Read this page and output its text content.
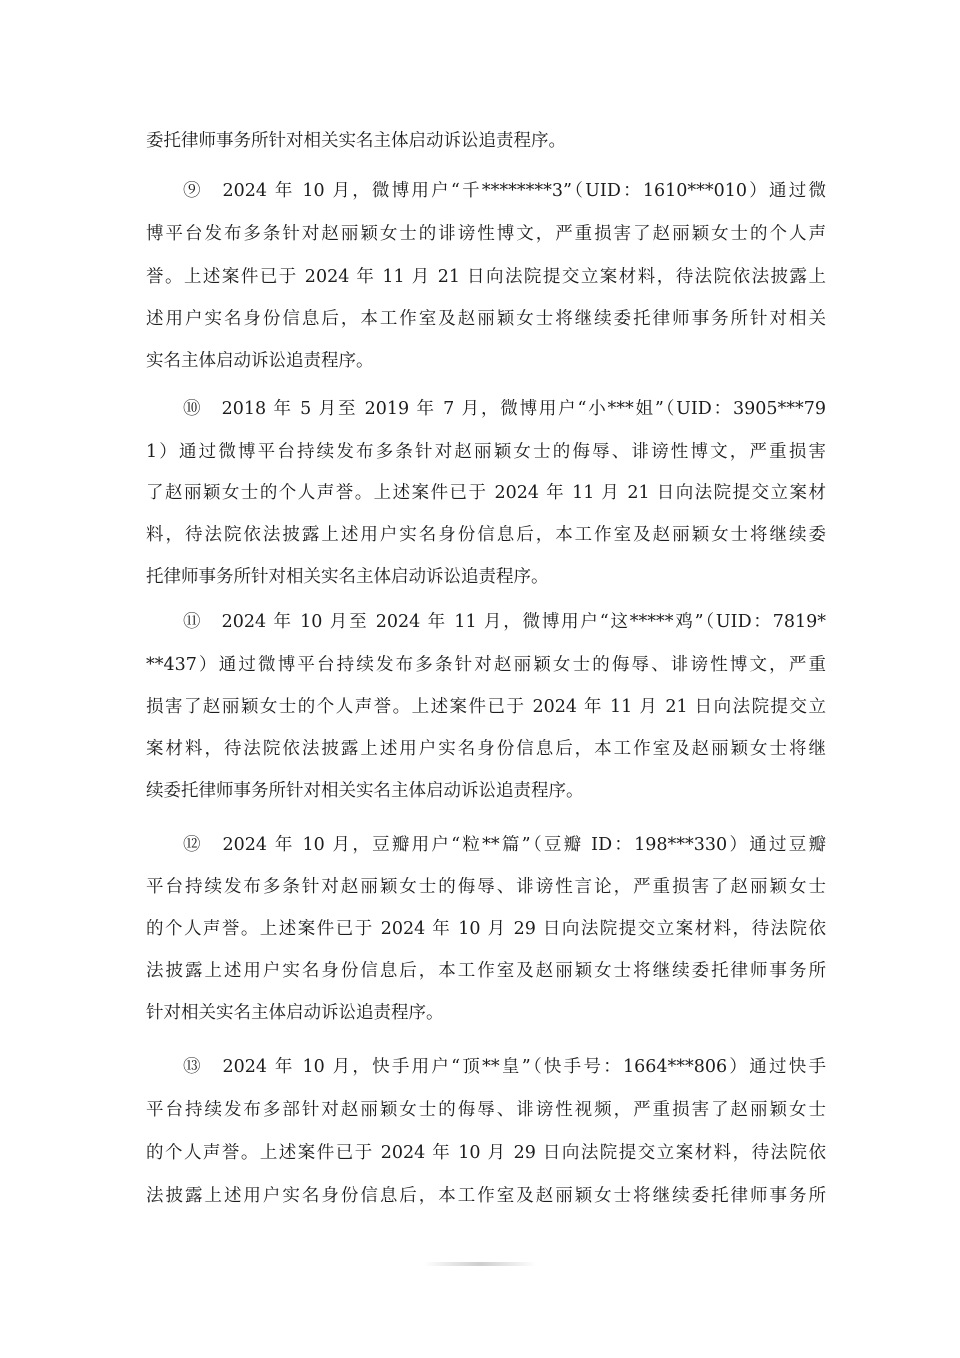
委托律师事务所针对相关实名主体启动诉讼追责程序。
⑨　2024 年 10 月，微博用户“千********3”（UID：1610***010）通过微
博平台发布多条针对赵丽颖女士的诽谤性博文，严重损害了赵丽颖女士的个人声
誉。上述案件已于 2024 年 11 月 21 日向法院提交立案材料，待法院依法披露上
述用户实名身份信息后，本工作室及赵丽颖女士将继续委托律师事务所针对相关
实名主体启动诉讼追责程序。
⑩　2018 年 5 月至 2019 年 7 月，微博用户“小***姐”（UID：3905***79
1）通过微博平台持续发布多条针对赵丽颖女士的侮辱、诽谤性博文，严重损害
了赵丽颖女士的个人声誉。上述案件已于 2024 年 11 月 21 日向法院提交立案材
料，待法院依法披露上述用户实名身份信息后，本工作室及赵丽颖女士将继续委
托律师事务所针对相关实名主体启动诉讼追责程序。
⑪　2024 年 10 月至 2024 年 11 月，微博用户“这*****鸡”（UID：7819*
**437）通过微博平台持续发布多条针对赵丽颖女士的侮辱、诽谤性博文，严重
损害了赵丽颖女士的个人声誉。上述案件已于 2024 年 11 月 21 日向法院提交立
案材料，待法院依法披露上述用户实名身份信息后，本工作室及赵丽颖女士将继
续委托律师事务所针对相关实名主体启动诉讼追责程序。
⑫　2024 年 10 月，豆瓣用户“粒**篇”（豆瓣 ID：198***330）通过豆瓣
平台持续发布多条针对赵丽颖女士的侮辱、诽谤性言论，严重损害了赵丽颖女士
的个人声誉。上述案件已于 2024 年 10 月 29 日向法院提交立案材料，待法院依
法披露上述用户实名身份信息后，本工作室及赵丽颖女士将继续委托律师事务所
针对相关实名主体启动诉讼追责程序。
⑬　2024 年 10 月，快手用户“顶**皇”（快手号：1664***806）通过快手
平台持续发布多部针对赵丽颖女士的侮辱、诽谤性视频，严重损害了赵丽颖女士
的个人声誉。上述案件已于 2024 年 10 月 29 日向法院提交立案材料，待法院依
法披露上述用户实名身份信息后，本工作室及赵丽颖女士将继续委托律师事务所
